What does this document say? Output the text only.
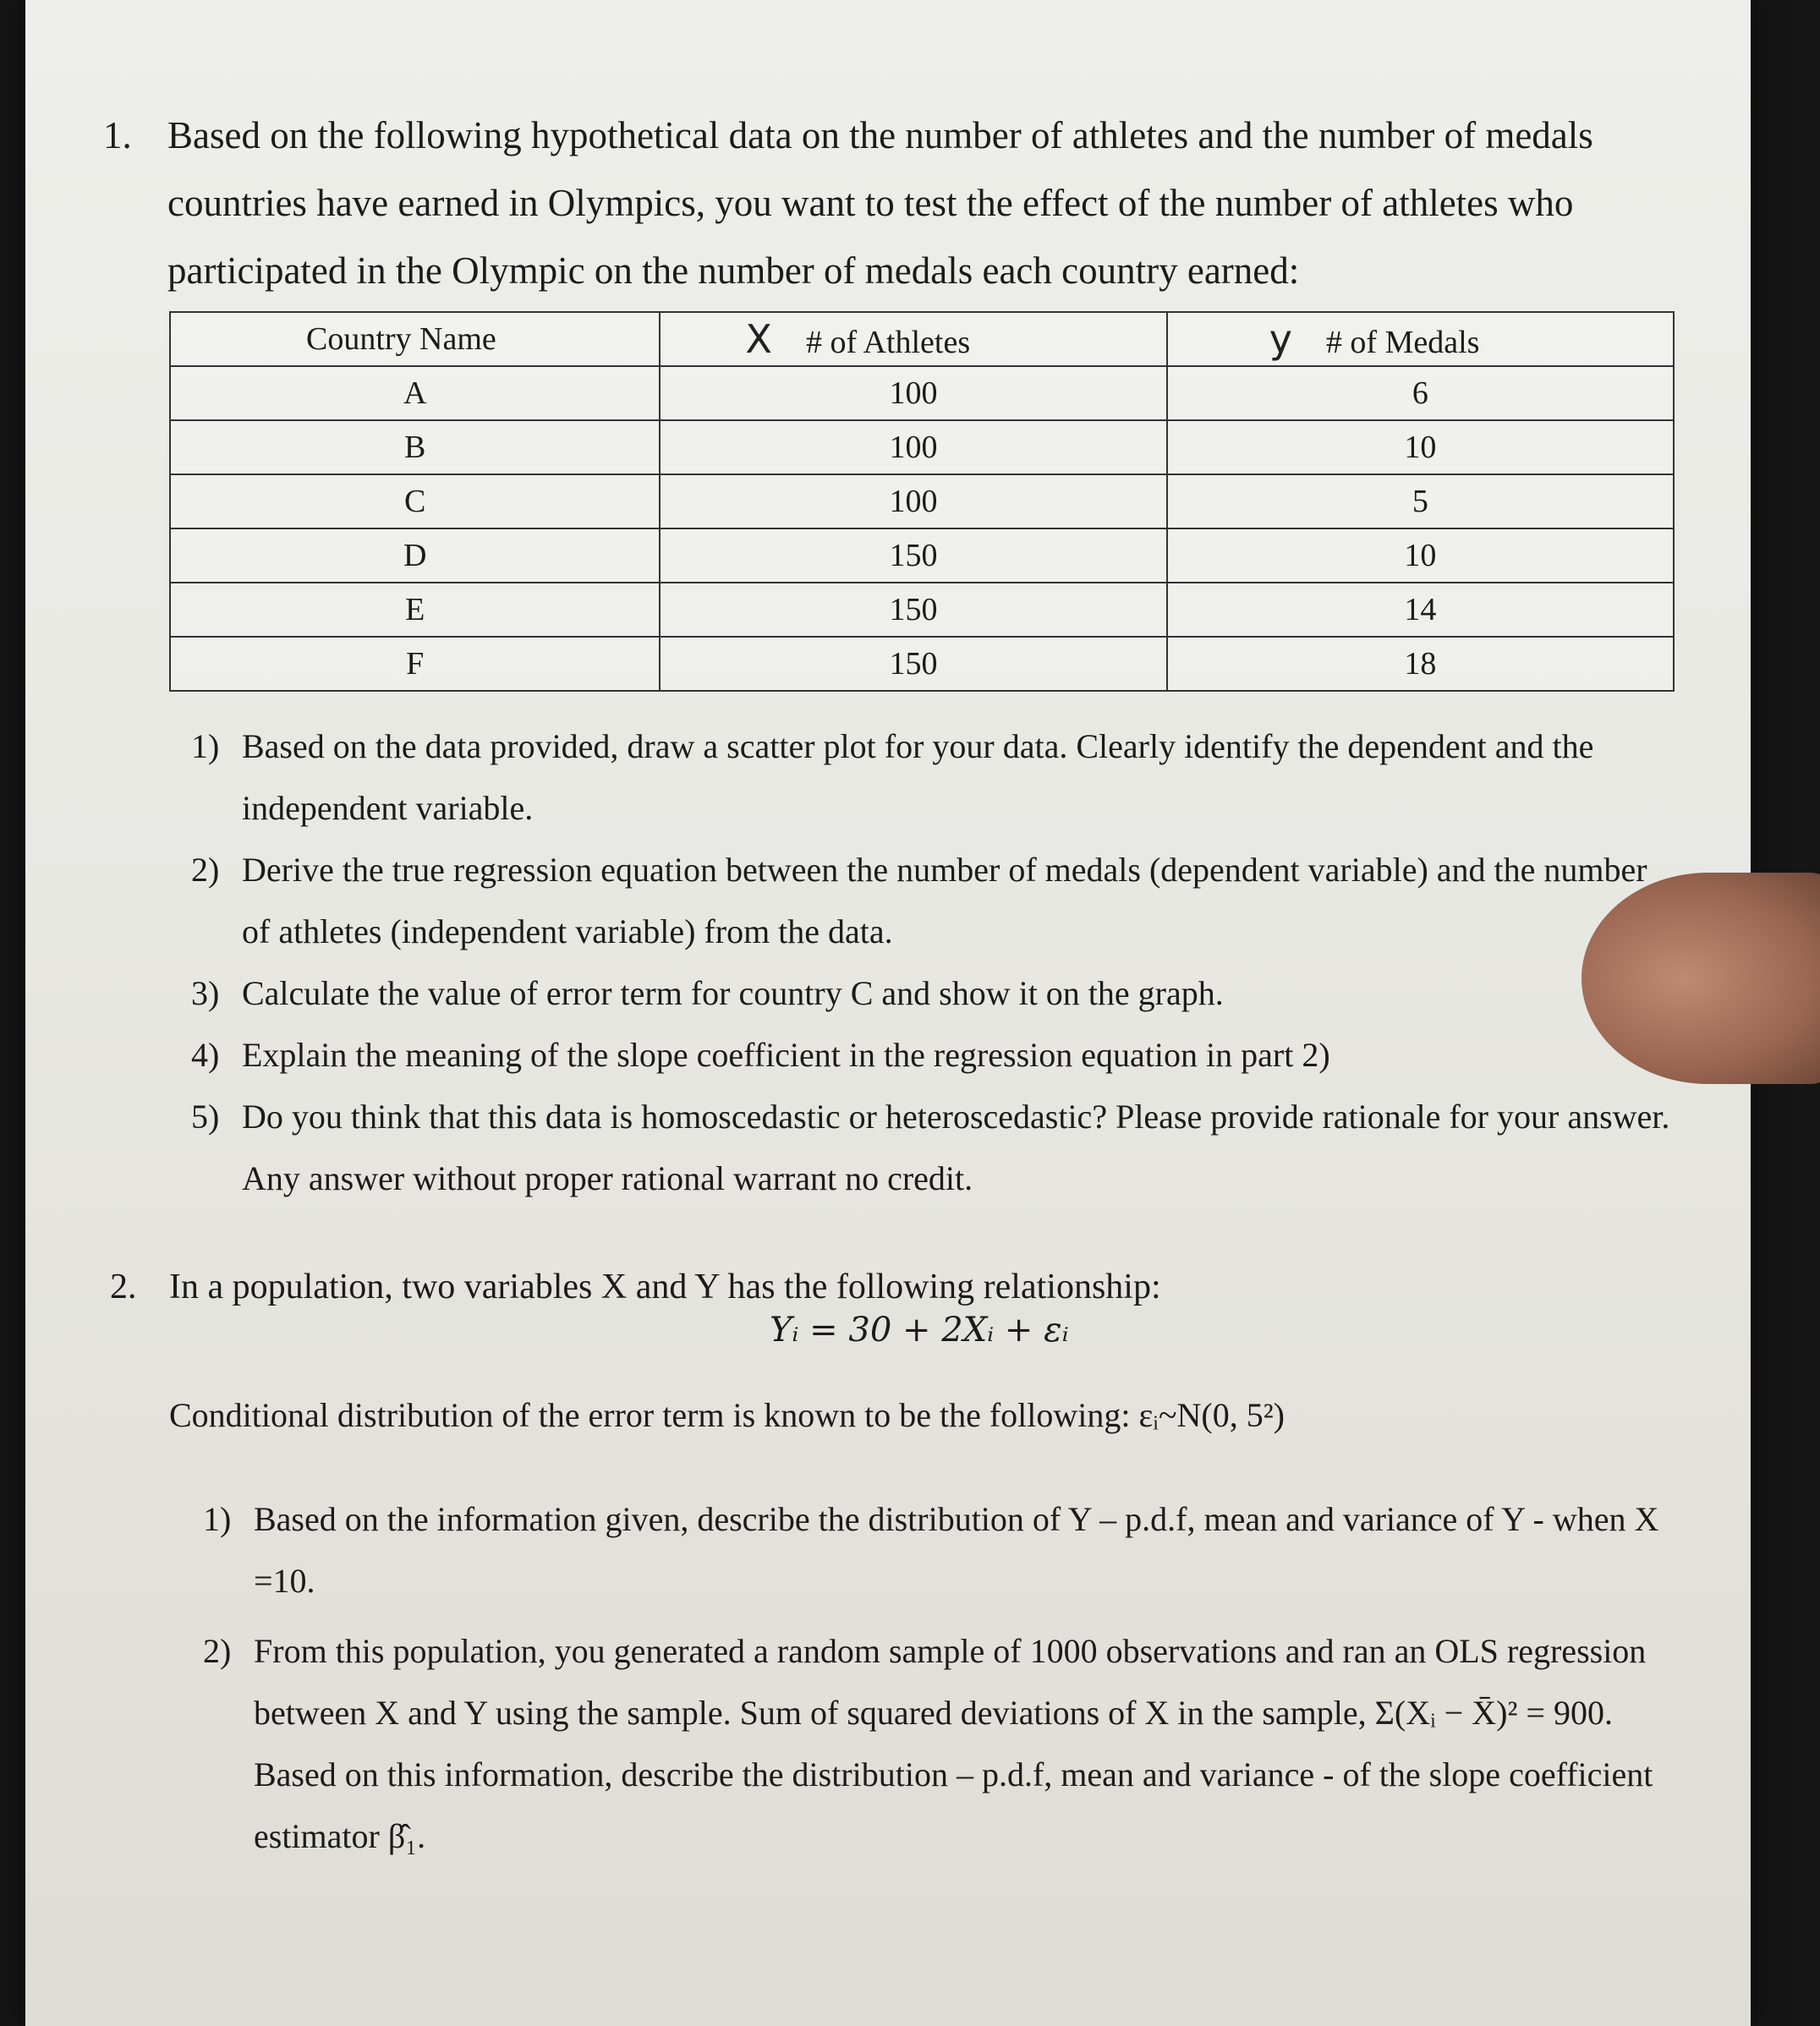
1. Based on the following hypothetical data on the number of athletes and the number of medals countries have earned in Olympics, you want to test the effect of the number of athletes who participated in the Olympic on the number of medals each country earned:
Country Name	X # of Athletes	y # of Medals
A	100	6
B	100	10
C	100	5
D	150	10
E	150	14
F	150	18
1) Based on the data provided, draw a scatter plot for your data. Clearly identify the dependent and the independent variable.
2) Derive the true regression equation between the number of medals (dependent variable) and the number of athletes (independent variable) from the data.
3) Calculate the value of error term for country C and show it on the graph.
4) Explain the meaning of the slope coefficient in the regression equation in part 2)
5) Do you think that this data is homoscedastic or heteroscedastic? Please provide rationale for your answer. Any answer without proper rational warrant no credit.
2. In a population, two variables X and Y has the following relationship:
Yᵢ = 30 + 2Xᵢ + εᵢ
Conditional distribution of the error term is known to be the following: εᵢ~N(0, 5²)
1) Based on the information given, describe the distribution of Y – p.d.f, mean and variance of Y - when X =10.
2) From this population, you generated a random sample of 1000 observations and ran an OLS regression between X and Y using the sample. Sum of squared deviations of X in the sample, Σ(Xᵢ − X̄)² = 900. Based on this information, describe the distribution – p.d.f, mean and variance - of the slope coefficient estimator β̂₁.
